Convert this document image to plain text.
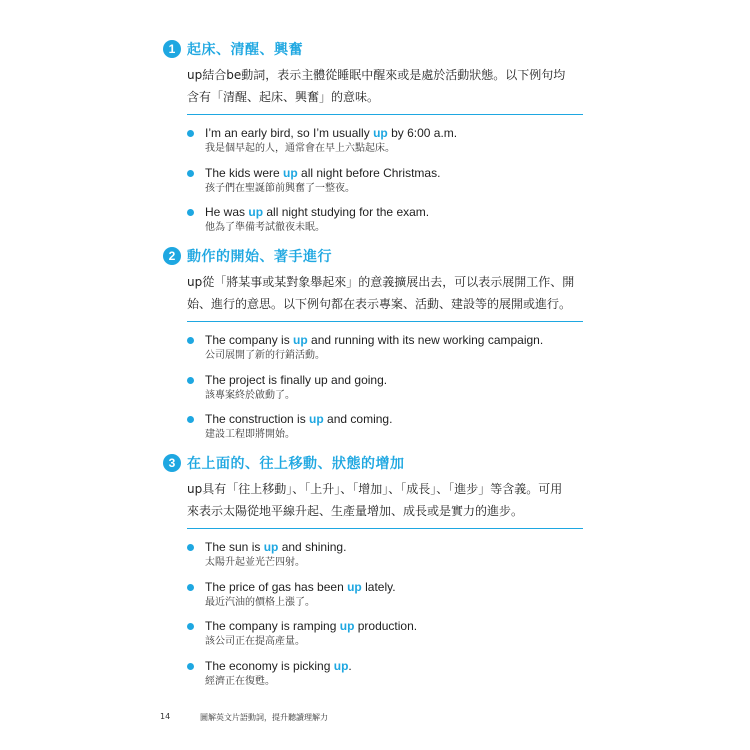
1 起床、清醒、興奮
up結合be動詞，表示主體從睡眠中醒來或是處於活動狀態。以下例句均
含有「清醒、起床、興奮」的意味。
I’m an early bird, so I’m usually up by 6:00 a.m.
我是個早起的人，通常會在早上六點起床。
The kids were up all night before Christmas.
孩子們在聖誕節前興奮了一整夜。
He was up all night studying for the exam.
他為了準備考試徹夜未眠。
2 動作的開始、著手進行
up從「將某事或某對象舉起來」的意義擴展出去，可以表示展開工作、開
始、進行的意思。以下例句都在表示專案、活動、建設等的展開或進行。
The company is up and running with its new working campaign.
公司展開了新的行銷活動。
The project is finally up and going.
該專案終於啟動了。
The construction is up and coming.
建設工程即將開始。
3 在上面的、往上移動、狀態的增加
up具有「往上移動」、「上升」、「增加」、「成長」、「進步」等含義。可用
來表示太陽從地平線升起、生產量增加、成長或是實力的進步。
The sun is up and shining.
太陽升起並光芒四射。
The price of gas has been up lately.
最近汽油的價格上漲了。
The company is ramping up production.
該公司正在提高產量。
The economy is picking up.
經濟正在復甦。
14	圖解英文片語動詞，提升聽讀理解力
